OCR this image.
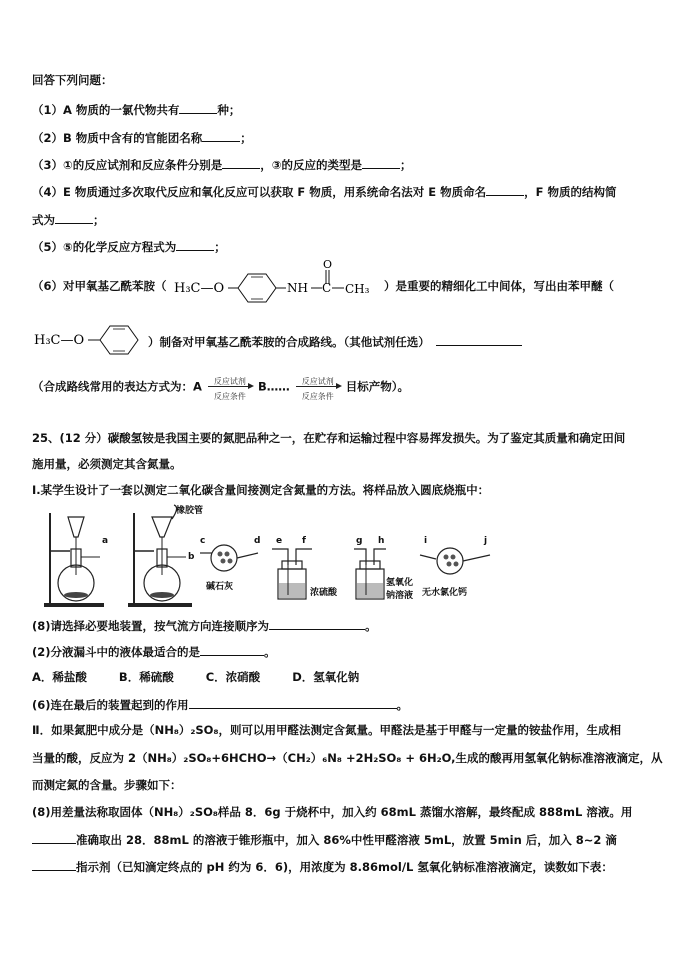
回答下列问题：
（1）A 物质的一氯代物共有	种；
（2）B 物质中含有的官能团名称	；
（3）①的反应试剂和反应条件分别是	，③的反应的类型是	；
（4）E 物质通过多次取代反应和氧化反应可以获取 F 物质，用系统命名法对 E 物质命名	，F 物质的结构简
式为	；
（5）⑤的化学反应方程式为	；
（6）对甲氧基乙酰苯胺（ H₃C—O	NH
O
C CH₃ ）是重要的精细化工中间体，写出由苯甲醚（
H₃C—O	）制备对甲氧基乙酰苯胺的合成路线。（其他试剂任选）
（合成路线常用的表达方式为：A	反应试剂
反应条件
B……	反应试剂
反应条件
目标产物）。
25、(12 分）碳酸氢铵是我国主要的氮肥品种之一，在贮存和运输过程中容易挥发损失。为了鉴定其质量和确定田间
施用量，必须测定其含氮量。
Ⅰ.某学生设计了一套以测定二氧化碳含量间接测定含氮量的方法。将样品放入圆底烧瓶中：
a
橡胶管
b
c	d
碱石灰
e f
浓硫酸
g h
氢氧化
钠溶液
i	j
无水氯化钙
(8)请选择必要地装置，按气流方向连接顺序为	。
(2)分液漏斗中的液体最适合的是	。
A．稀盐酸        B．稀硫酸        C．浓硝酸        D．氢氧化钠
(6)连在最后的装置起到的作用	。
Ⅱ．如果氮肥中成分是（NH₈）₂SO₈，则可以用甲醛法测定含氮量。甲醛法是基于甲醛与一定量的铵盐作用，生成相
当量的酸，反应为 2（NH₈）₂SO₈+6HCHO→（CH₂）₆N₈ +2H₂SO₈ + 6H₂O,生成的酸再用氢氧化钠标准溶液滴定，从
而测定氮的含量。步骤如下：
(8)用差量法称取固体（NH₈）₂SO₈样品 8．6g 于烧杯中，加入约 68mL 蒸馏水溶解，最终配成 888mL 溶液。用
准确取出 28．88mL 的溶液于锥形瓶中，加入 86%中性甲醛溶液 5mL，放置 5min 后，加入 8~2 滴
指示剂（已知滴定终点的 pH 约为 6．6)，用浓度为 8.86mol/L 氢氧化钠标准溶液滴定，读数如下表：
